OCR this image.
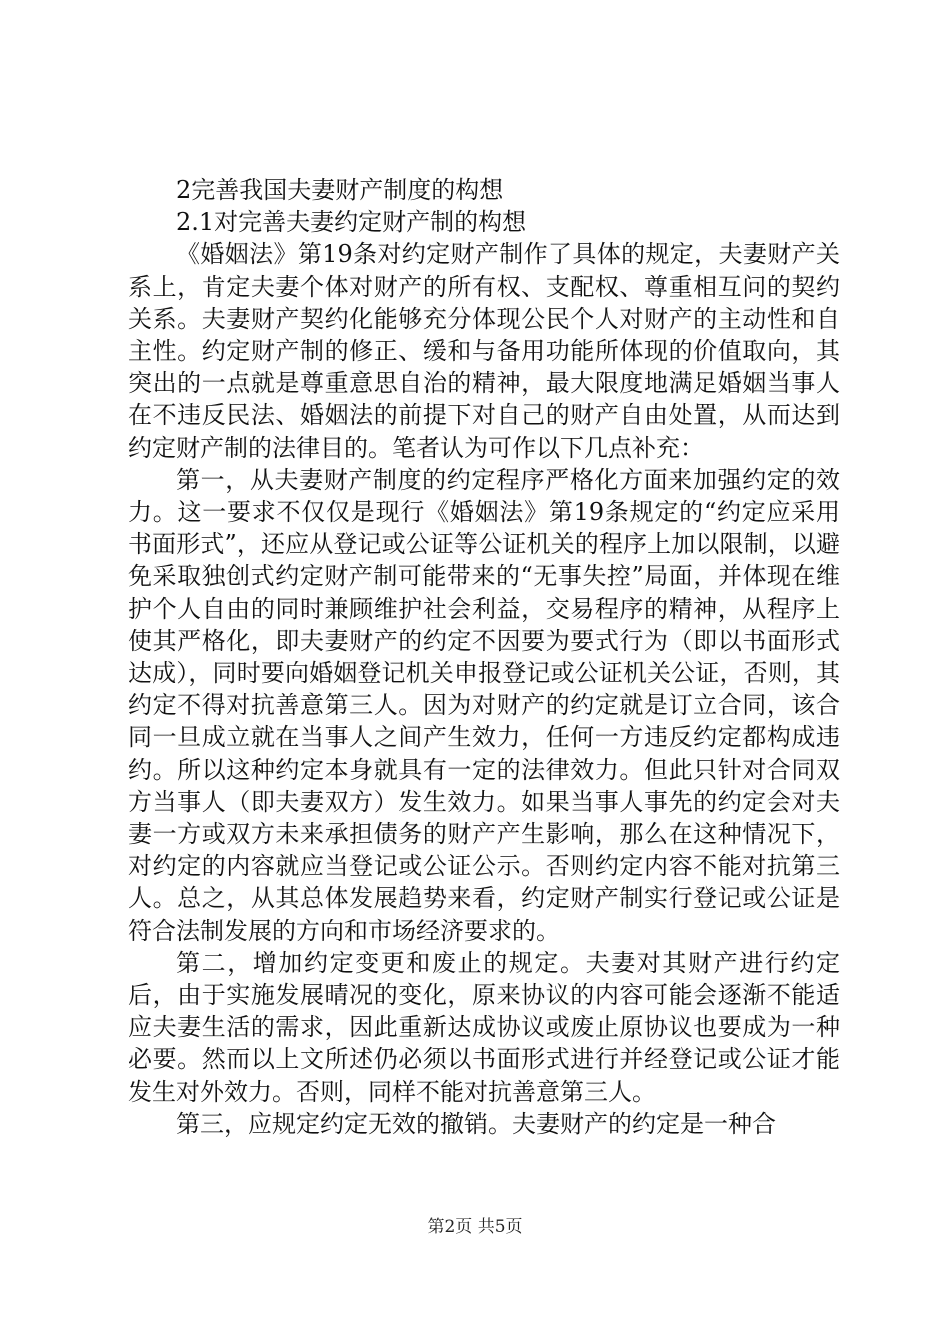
2完善我国夫妻财产制度的构想

2.1对完善夫妻约定财产制的构想

《婚姻法》第19条对约定财产制作了具体的规定，夫妻财产关系上，肯定夫妻个体对财产的所有权、支配权、尊重相互问的契约关系。夫妻财产契约化能够充分体现公民个人对财产的主动性和自主性。约定财产制的修正、缓和与备用功能所体现的价值取向，其突出的一点就是尊重意思自治的精神，最大限度地满足婚姻当事人在不违反民法、婚姻法的前提下对自己的财产自由处置，从而达到约定财产制的法律目的。笔者认为可作以下几点补充：

第一，从夫妻财产制度的约定程序严格化方面来加强约定的效力。这一要求不仅仅是现行《婚姻法》第19条规定的“约定应采用书面形式”，还应从登记或公证等公证机关的程序上加以限制，以避免采取独创式约定财产制可能带来的“无事失控”局面，并体现在维护个人自由的同时兼顾维护社会利益，交易程序的精神，从程序上使其严格化，即夫妻财产的约定不因要为要式行为（即以书面形式达成），同时要向婚姻登记机关申报登记或公证机关公证，否则，其约定不得对抗善意第三人。因为对财产的约定就是订立合同，该合同一旦成立就在当事人之间产生效力，任何一方违反约定都构成违约。所以这种约定本身就具有一定的法律效力。但此只针对合同双方当事人（即夫妻双方）发生效力。如果当事人事先的约定会对夫妻一方或双方未来承担债务的财产产生影响，那么在这种情况下，对约定的内容就应当登记或公证公示。否则约定内容不能对抗第三人。总之，从其总体发展趋势来看，约定财产制实行登记或公证是符合法制发展的方向和市场经济要求的。

第二，增加约定变更和废止的规定。夫妻对其财产进行约定后，由于实施发展晴况的变化，原来协议的内容可能会逐渐不能适应夫妻生活的需求，因此重新达成协议或废止原协议也要成为一种必要。然而以上文所述仍必须以书面形式进行并经登记或公证才能发生对外效力。否则，同样不能对抗善意第三人。

第三，应规定约定无效的撤销。夫妻财产的约定是一种合

第2页 共5页
